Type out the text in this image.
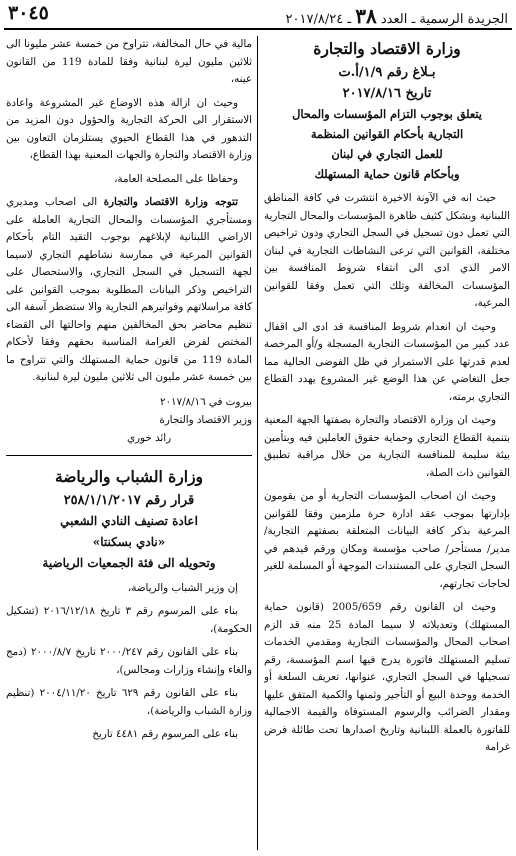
الجريدة الرسمية ـ العدد ٣٨ ـ ٢٠١٧/٨/٢٤
٣٠٤٥
وزارة الاقتصاد والتجارة
بـلاغ رقم ١/٩/أ.ت
تاريخ ٢٠١٧/٨/١٦
يتعلق بوجوب التزام المؤسسات والمحال
التجارية بأحكام القوانين المنظمة
للعمل التجاري في لبنان
وبأحكام قانون حماية المستهلك

حيث انه في الآونة الاخيرة انتشرت في كافة المناطق اللبنانية وبشكل كثيف ظاهرة المؤسسات والمحال التجارية التي تعمل دون تسجيل في السجل التجاري ودون تراخيص مختلفة، القوانين التي ترعى النشاطات التجارية في لبنان الامر الذي ادى الى انتفاء شروط المنافسة بين المؤسسات المخالفة وتلك التي تعمل وفقا للقوانين المرعية،

وحيث ان انعدام شروط المنافسة قد ادى الى اقفال عدد كبير من المؤسسات التجارية المسجلة و/أو المرخصة لعدم قدرتها على الاستمرار في ظل الفوضى الحالية مما جعل التغاضي عن هذا الوضع غير المشروع يهدد القطاع التجاري برمته،

وحيث ان وزارة الاقتصاد والتجارة بصفتها الجهة المعنية بتنمية القطاع التجاري وحماية حقوق العاملين فيه وبتأمين بيئة سليمة للمنافسة التجارية من خلال مراقبة تطبيق القوانين ذات الصلة،

وحيث ان اصحاب المؤسسات التجارية أو من يقومون بإدارتها بموجب عقد ادارة حرة ملزمين وفقا للقوانين المرعية بذكر كافة البيانات المتعلقة بصفتهم التجارية/ مدير/ مستأجر/ صاحب مؤسسة ومكان ورقم قيدهم في السجل التجاري على المستندات الموجهة أو المسلمة للغير لحاجات تجارتهم،

وحيث ان القانون رقم 2005/659 (قانون حماية المستهلك) وتعديلاته لا سيما المادة 25 منه قد الزم اصحاب المحال والمؤسسات التجارية ومقدمي الخدمات تسليم المستهلك فاتورة يدرج فيها اسم المؤسسة، رقم تسجيلها في السجل التجاري، عنوانها، تعريف السلعة أو الخدمة ووحدة البيع أو التأجير وثمنها والكمية المتفق عليها ومقدار الضرائب والرسوم المستوفاة والقيمة الاجمالية للفاتورة بالعملة اللبنانية وتاريخ اصدارها تحت طائلة فرض غرامة

مالية في حال المخالفة، تتراوح من خمسة عشر مليونا الى ثلاثين مليون ليرة لبنانية وفقا للمادة 119 من القانون عينه،

وحيث ان ازالة هذه الاوضاع غير المشروعة واعادة الاستقرار الى الحركة التجارية والحؤول دون المزيد من التدهور في هذا القطاع الحيوي يستلزمان التعاون بين وزارة الاقتصاد والتجارة والجهات المعنية بهذا القطاع،

وحفاظا على المصلحة العامة،

تتوجه وزارة الاقتصاد والتجارة الى اصحاب ومديري ومستأجري المؤسسات والمحال التجارية العاملة على الاراضي اللبنانية لإبلاغهم بوجوب التقيد التام بأحكام القوانين المرعية في ممارسة نشاطهم التجاري لاسيما لجهة التسجيل في السجل التجاري، والاستحصال على التراخيص وذكر البيانات المطلوبة بموجب القوانين على كافة مراسلاتهم وفواتيرهم التجارية والا ستضطر آسفة الى تنظيم محاضر بحق المخالفين منهم واحالتها الى القضاء المختص لفرض الغرامة المناسبة بحقهم وفقا لأحكام المادة 119 من قانون حماية المستهلك والتي تتراوح ما بين خمسة عشر مليون الى ثلاثين مليون ليرة لبنانية.

بيروت في ٢٠١٧/٨/١٦
وزير الاقتصاد والتجارة
رائد خوري
وزارة الشباب والرياضة
قرار رقم ٢٥٨/١/١/٢٠١٧
اعادة تصنيف النادي الشعبي
«نادي بسكنتا»
وتحويله الى فئة الجمعيات الرياضية

إن وزير الشباب والرياضة،

بناء على المرسوم رقم ٣ تاريخ ٢٠١٦/١٢/١٨ (تشكيل الحكومة)،

بناء على القانون رقم ٢٠٠٠/٢٤٧ تاريخ ٢٠٠٠/٨/٧ (دمج والغاء وإنشاء وزارات ومجالس)،

بناء على القانون رقم ٦٢٩ تاريخ ٢٠٠٤/١١/٢٠ (تنظيم وزارة الشباب والرياضة)،

بناء على المرسوم رقم ٤٤٨١ تاريخ
